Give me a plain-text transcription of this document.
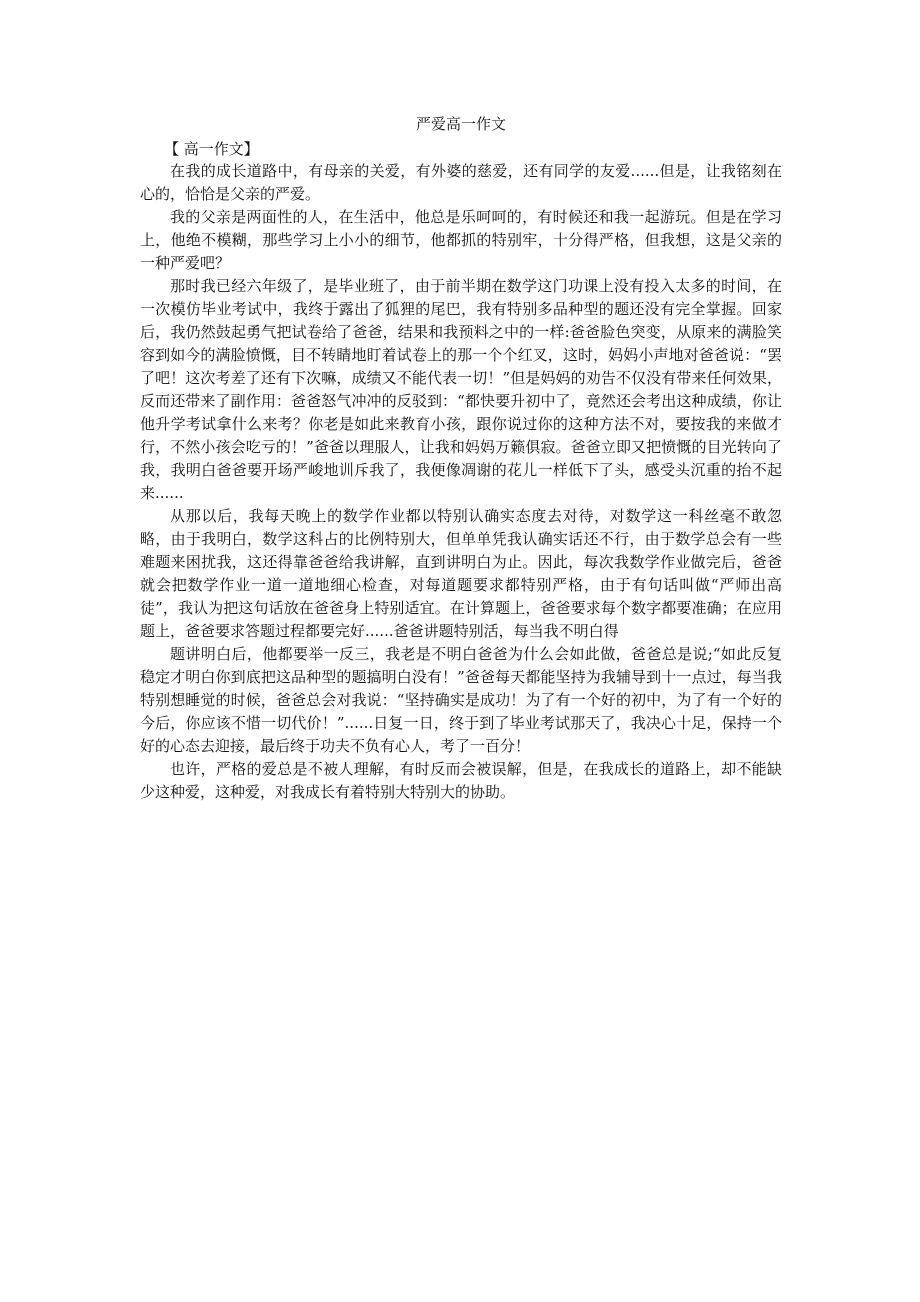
严爱高一作文
【 高一作文】

在我的成长道路中，有母亲的关爱，有外婆的慈爱，还有同学的友爱......但是，让我铭刻在心的，恰恰是父亲的严爱。

我的父亲是两面性的人，在生活中，他总是乐呵呵的，有时候还和我一起游玩。但是在学习上，他绝不模糊，那些学习上小小的细节，他都抓的特别牢，十分得严格，但我想，这是父亲的一种严爱吧？

那时我已经六年级了，是毕业班了，由于前半期在数学这门功课上没有投入太多的时间，在一次模仿毕业考试中，我终于露出了狐狸的尾巴，我有特别多品种型的题还没有完全掌握。回家后，我仍然鼓起勇气把试卷给了爸爸，结果和我预料之中的一样:爸爸脸色突变，从原来的满脸笑容到如今的满脸愤慨，目不转睛地盯着试卷上的那一个个红叉，这时，妈妈小声地对爸爸说：“罢了吧！这次考差了还有下次嘛，成绩又不能代表一切！”但是妈妈的劝告不仅没有带来任何效果，反而还带来了副作用：爸爸怒气冲冲的反驳到：“都快要升初中了，竟然还会考出这种成绩，你让他升学考试拿什么来考？你老是如此来教育小孩，跟你说过你的这种方法不对，要按我的来做才行，不然小孩会吃亏的！”爸爸以理服人，让我和妈妈万籁俱寂。爸爸立即又把愤慨的目光转向了我，我明白爸爸要开场严峻地训斥我了，我便像凋谢的花儿一样低下了头，感受头沉重的抬不起来......

从那以后，我每天晚上的数学作业都以特别认确实态度去对待，对数学这一科丝毫不敢忽略，由于我明白，数学这科占的比例特别大，但单单凭我认确实话还不行，由于数学总会有一些难题来困扰我，这还得靠爸爸给我讲解，直到讲明白为止。因此，每次我数学作业做完后，爸爸就会把数学作业一道一道地细心检查，对每道题要求都特别严格，由于有句话叫做“严师出高徒”，我认为把这句话放在爸爸身上特别适宜。在计算题上，爸爸要求每个数字都要准确；在应用题上，爸爸要求答题过程都要完好......爸爸讲题特别活，每当我不明白得

题讲明白后，他都要举一反三，我老是不明白爸爸为什么会如此做，爸爸总是说;“如此反复稳定才明白你到底把这品种型的题搞明白没有！”爸爸每天都能坚持为我辅导到十一点过，每当我特别想睡觉的时候，爸爸总会对我说：“坚持确实是成功！为了有一个好的初中，为了有一个好的今后，你应该不惜一切代价！”......日复一日，终于到了毕业考试那天了，我决心十足，保持一个好的心态去迎接，最后终于功夫不负有心人，考了一百分！

也许，严格的爱总是不被人理解，有时反而会被误解，但是，在我成长的道路上，却不能缺少这种爱，这种爱，对我成长有着特别大特别大的协助。
